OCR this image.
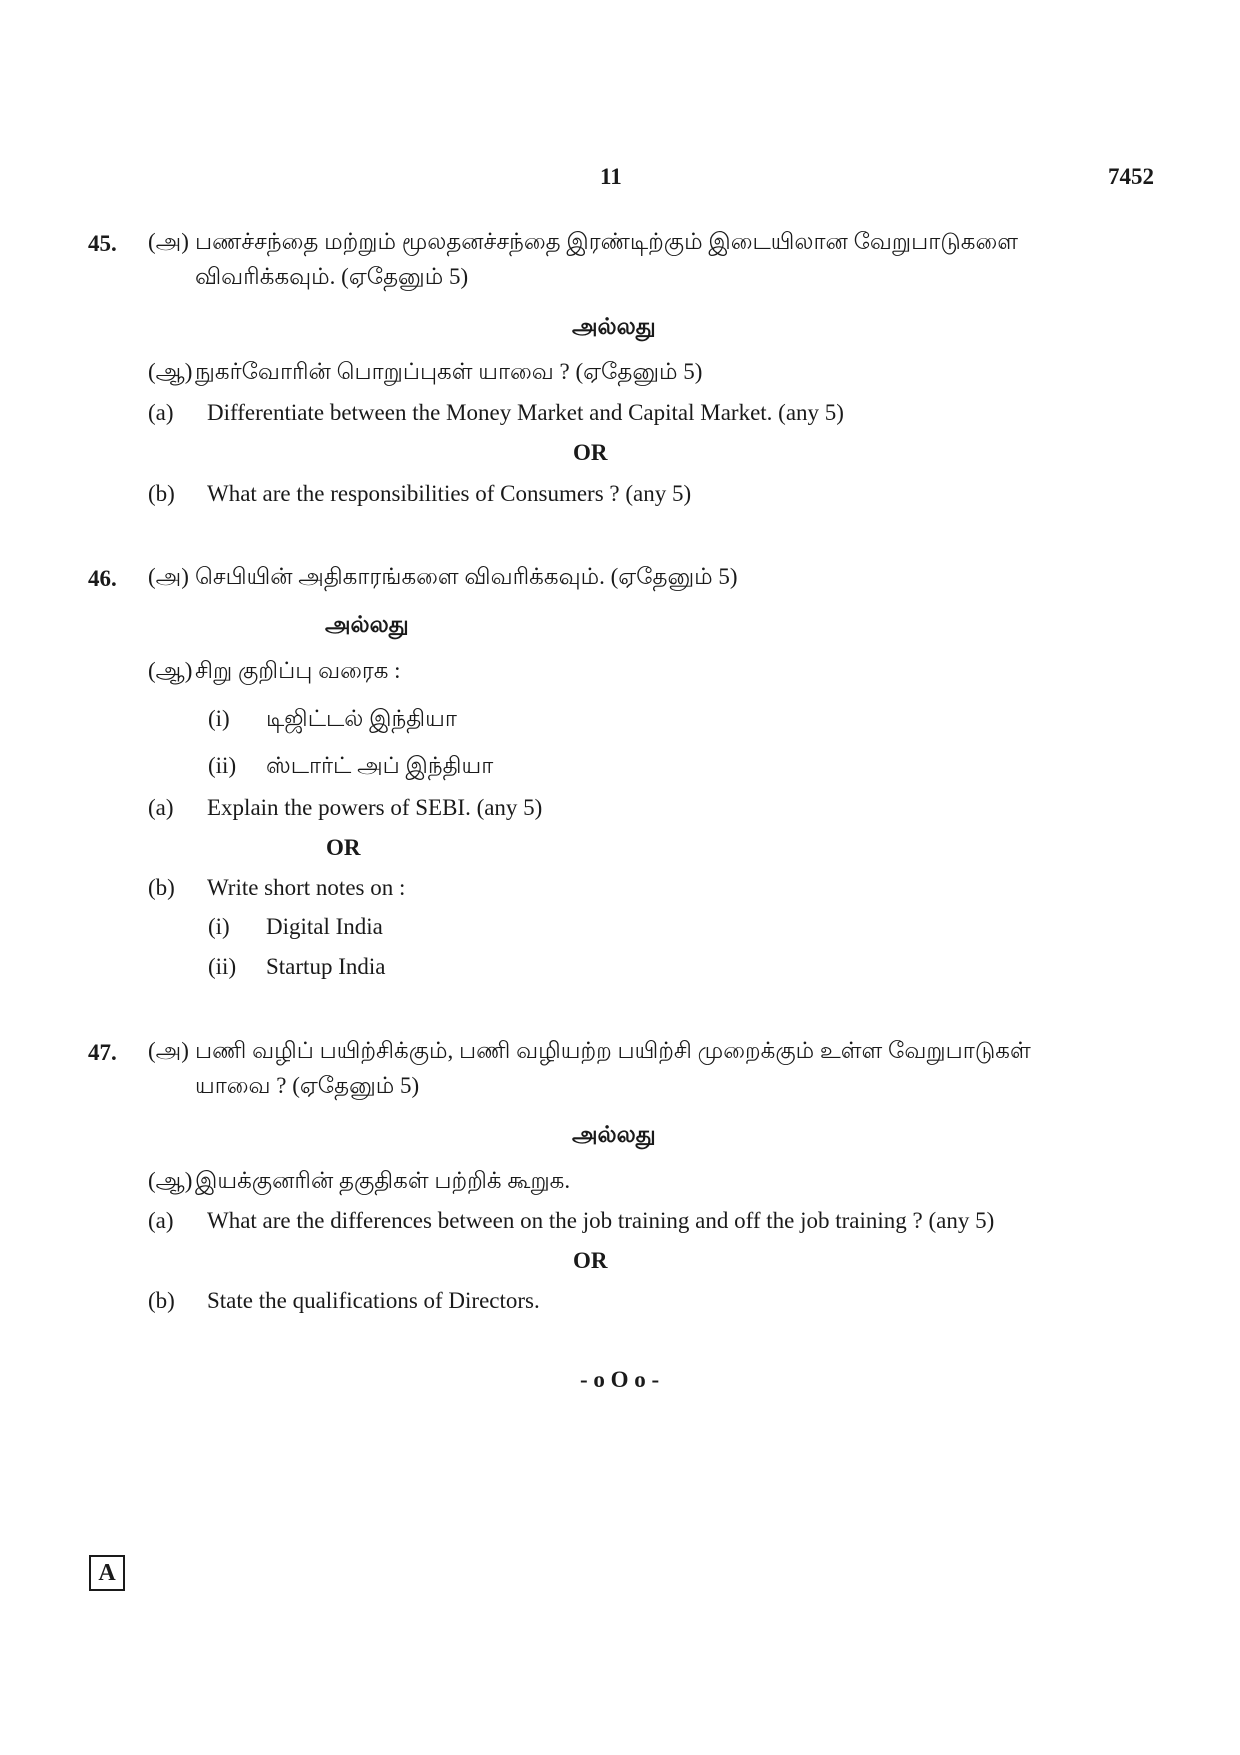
11	7452
45. (அ) பணச்சந்தை மற்றும் மூலதனச்சந்தை இரண்டிற்கும் இடையிலான வேறுபாடுகளை
விவரிக்கவும். (ஏதேனும் 5)
அல்லது
(ஆ) நுகர்வோரின் பொறுப்புகள் யாவை ? (ஏதேனும் 5)
(a) Differentiate between the Money Market and Capital Market. (any 5)
OR
(b) What are the responsibilities of Consumers ? (any 5)
46. (அ) செபியின் அதிகாரங்களை விவரிக்கவும். (ஏதேனும் 5)
அல்லது
(ஆ) சிறு குறிப்பு வரைக :
(i) டிஜிட்டல் இந்தியா
(ii) ஸ்டார்ட் அப் இந்தியா
(a) Explain the powers of SEBI. (any 5)
OR
(b) Write short notes on :
(i) Digital India
(ii) Startup India
47. (அ) பணி வழிப் பயிற்சிக்கும், பணி வழியற்ற பயிற்சி முறைக்கும் உள்ள வேறுபாடுகள்
யாவை ? (ஏதேனும் 5)
அல்லது
(ஆ) இயக்குனரின் தகுதிகள் பற்றிக் கூறுக.
(a) What are the differences between on the job training and off the job training ? (any 5)
OR
(b) State the qualifications of Directors.
- o O o -
A
